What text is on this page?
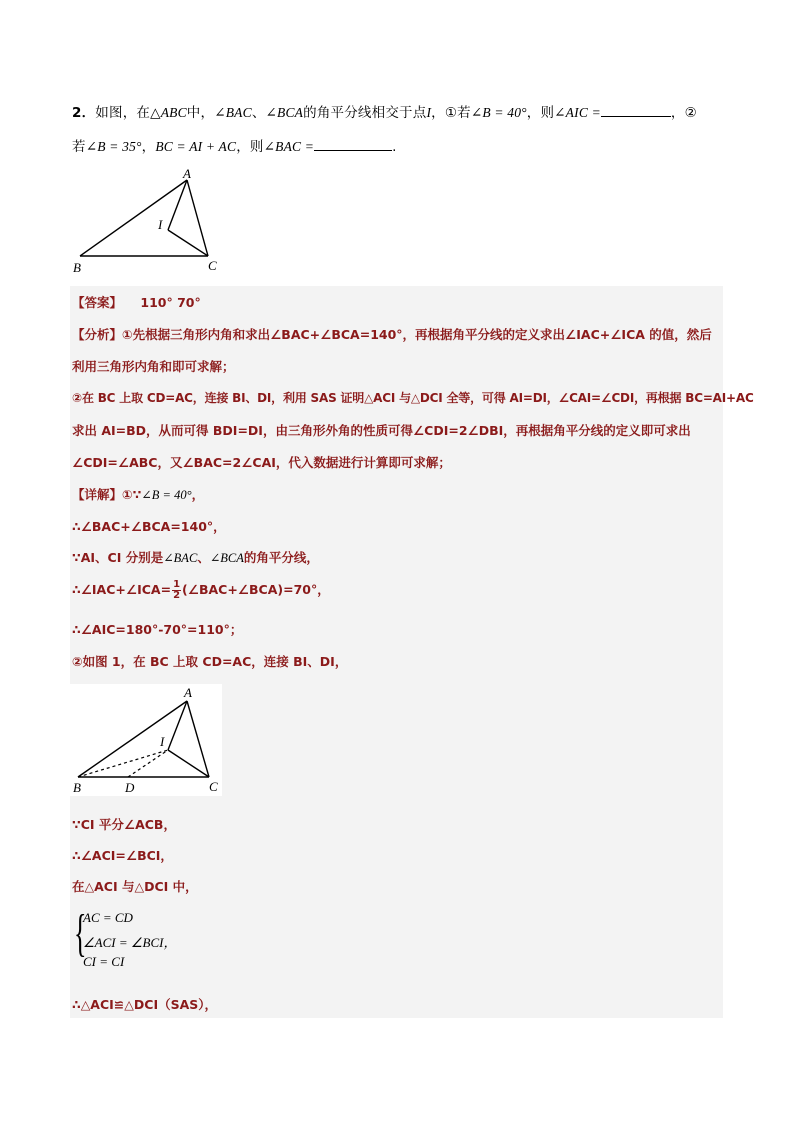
2．如图，在△ABC中，∠BAC、∠BCA的角平分线相交于点I，①若∠B = 40°，则∠AIC =	，②
若∠B = 35°，BC = AI + AC，则∠BAC =	.
A
I
B	C
【答案】 110° 70°
【分析】①先根据三角形内角和求出∠BAC+∠BCA=140°，再根据角平分线的定义求出∠IAC+∠ICA 的值，然后
利用三角形内角和即可求解；
②在 BC 上取 CD=AC，连接 BI、DI，利用 SAS 证明△ACI 与△DCI 全等，可得 AI=DI，∠CAI=∠CDI，再根据 BC=AI+AC
求出 AI=BD，从而可得 BDI=DI，由三角形外角的性质可得∠CDI=2∠DBI，再根据角平分线的定义即可求出
∠CDI=∠ABC，又∠BAC=2∠CAI，代入数据进行计算即可求解；
【详解】①∵∠B = 40°，
∴∠BAC+∠BCA=140°，
∵AI、CI 分别是∠BAC、∠BCA的角平分线，
∴∠IAC+∠ICA= $\frac{1}{2}$ (∠BAC+∠BCA)=70°，
∴∠AIC=180°-70°=110°；
②如图 1，在 BC 上取 CD=AC，连接 BI、DI，
A
I
B	D	C
∵CI 平分∠ACB，
∴∠ACI=∠BCI，
在△ACI 与△DCI 中，
{
AC = CD
∠ACI = ∠BCI，
CI = CI
∴△ACI≌△DCI（SAS），
